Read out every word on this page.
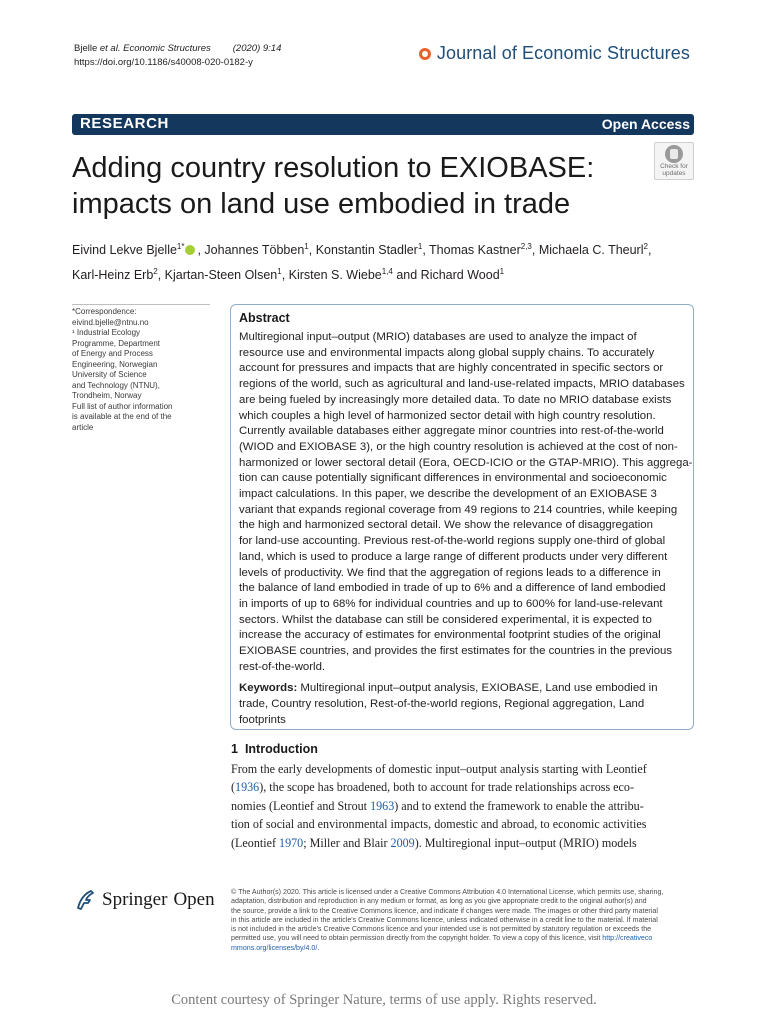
Bjelle et al. Economic Structures (2020) 9:14
https://doi.org/10.1186/s40008-020-0182-y	Journal of Economic Structures
RESEARCH	Open Access
Check for
updates
Adding country resolution to EXIOBASE:
impacts on land use embodied in trade
Eivind Lekve Bjelle$^{1*}$ , Johannes Többen$^1$, Konstantin Stadler$^1$, Thomas Kastner$^{2,3}$, Michaela C. Theurl$^2$,
Karl-Heinz Erb$^2$, Kjartan-Steen Olsen$^1$, Kirsten S. Wiebe$^{1,4}$ and Richard Wood$^1$
*Correspondence:
eivind.bjelle@ntnu.no
¹ Industrial Ecology
Programme, Department
of Energy and Process
Engineering, Norwegian
University of Science
and Technology (NTNU),
Trondheim, Norway
Full list of author information
is available at the end of the
article
Abstract
Multiregional input–output (MRIO) databases are used to analyze the impact of
resource use and environmental impacts along global supply chains. To accurately
account for pressures and impacts that are highly concentrated in specific sectors or
regions of the world, such as agricultural and land-use-related impacts, MRIO databases
are being fueled by increasingly more detailed data. To date no MRIO database exists
which couples a high level of harmonized sector detail with high country resolution.
Currently available databases either aggregate minor countries into rest-of-the-world
(WIOD and EXIOBASE 3), or the high country resolution is achieved at the cost of non-
harmonized or lower sectoral detail (Eora, OECD-ICIO or the GTAP-MRIO). This aggrega-
tion can cause potentially significant differences in environmental and socioeconomic
impact calculations. In this paper, we describe the development of an EXIOBASE 3
variant that expands regional coverage from 49 regions to 214 countries, while keeping
the high and harmonized sectoral detail. We show the relevance of disaggregation
for land-use accounting. Previous rest-of-the-world regions supply one-third of global
land, which is used to produce a large range of different products under very different
levels of productivity. We find that the aggregation of regions leads to a difference in
the balance of land embodied in trade of up to 6% and a difference of land embodied
in imports of up to 68% for individual countries and up to 600% for land-use-relevant
sectors. Whilst the database can still be considered experimental, it is expected to
increase the accuracy of estimates for environmental footprint studies of the original
EXIOBASE countries, and provides the first estimates for the countries in the previous
rest-of-the-world.
Keywords: Multiregional input–output analysis, EXIOBASE, Land use embodied in
trade, Country resolution, Rest-of-the-world regions, Regional aggregation, Land
footprints
1 Introduction
From the early developments of domestic input–output analysis starting with Leontief
(1936), the scope has broadened, both to account for trade relationships across eco-
nomies (Leontief and Strout 1963) and to extend the framework to enable the attribu-
tion of social and environmental impacts, domestic and abroad, to economic activities
(Leontief 1970; Miller and Blair 2009). Multiregional input–output (MRIO) models
Springer Open © The Author(s) 2020. This article is licensed under a Creative Commons Attribution 4.0 International License, which permits use, sharing,
adaptation, distribution and reproduction in any medium or format, as long as you give appropriate credit to the original author(s) and
the source, provide a link to the Creative Commons licence, and indicate if changes were made. The images or other third party material
in this article are included in the article's Creative Commons licence, unless indicated otherwise in a credit line to the material. If material
is not included in the article's Creative Commons licence and your intended use is not permitted by statutory regulation or exceeds the
permitted use, you will need to obtain permission directly from the copyright holder. To view a copy of this licence, visit http://creativeco
mmons.org/licenses/by/4.0/.
Content courtesy of Springer Nature, terms of use apply. Rights reserved.
